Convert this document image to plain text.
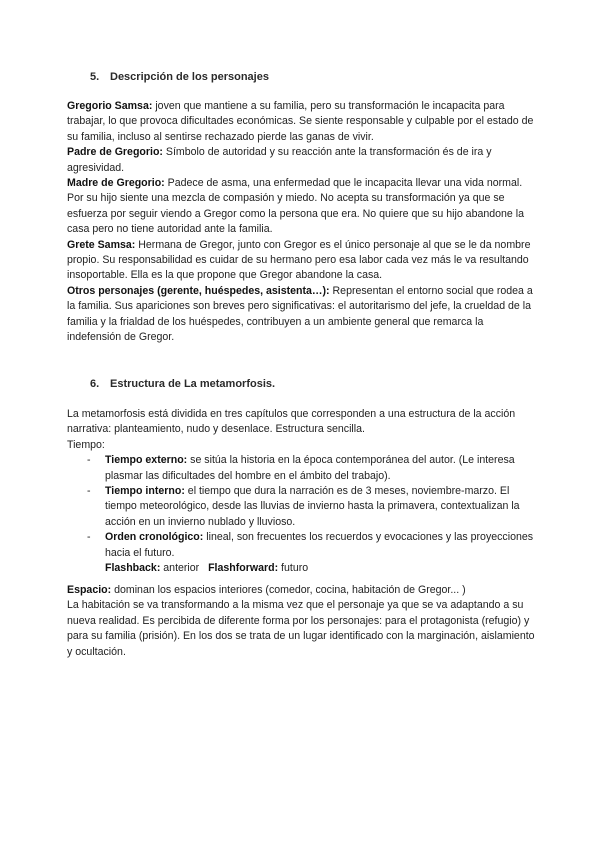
5. Descripción de los personajes

Gregorio Samsa: joven que mantiene a su familia, pero su transformación le incapacita para trabajar, lo que provoca dificultades económicas. Se siente responsable y culpable por el estado de su familia, incluso al sentirse rechazado pierde las ganas de vivir.

Padre de Gregorio: Símbolo de autoridad y su reacción ante la transformación és de ira y agresividad.

Madre de Gregorio: Padece de asma, una enfermedad que le incapacita llevar una vida normal. Por su hijo siente una mezcla de compasión y miedo. No acepta su transformación ya que se esfuerza por seguir viendo a Gregor como la persona que era. No quiere que su hijo abandone la casa pero no tiene autoridad ante la familia.

Grete Samsa: Hermana de Gregor, junto con Gregor es el único personaje al que se le da nombre propio. Su responsabilidad es cuidar de su hermano pero esa labor cada vez más le va resultando insoportable. Ella es la que propone que Gregor abandone la casa.

Otros personajes (gerente, huéspedes, asistenta…): Representan el entorno social que rodea a la familia. Sus apariciones son breves pero significativas: el autoritarismo del jefe, la crueldad de la familia y la frialdad de los huéspedes, contribuyen a un ambiente general que remarca la indefensión de Gregor.

6. Estructura de La metamorfosis.

La metamorfosis está dividida en tres capítulos que corresponden a una estructura de la acción narrativa: planteamiento, nudo y desenlace. Estructura sencilla.

Tiempo:

- Tiempo externo: se sitúa la historia en la época contemporánea del autor. (Le interesa plasmar las dificultades del hombre en el ámbito del trabajo).
- Tiempo interno: el tiempo que dura la narración es de 3 meses, noviembre-marzo. El tiempo meteorológico, desde las lluvias de invierno hasta la primavera, contextualizan la acción en un invierno nublado y lluvioso.
- Orden cronológico: lineal, son frecuentes los recuerdos y evocaciones y las proyecciones hacia el futuro.

Flashback: anterior Flashforward: futuro

Espacio: dominan los espacios interiores (comedor, cocina, habitación de Gregor... )

La habitación se va transformando a la misma vez que el personaje ya que se va adaptando a su nueva realidad. Es percibida de diferente forma por los personajes: para el protagonista (refugio) y para su familia (prisión). En los dos se trata de un lugar identificado con la marginación, aislamiento y ocultación.
